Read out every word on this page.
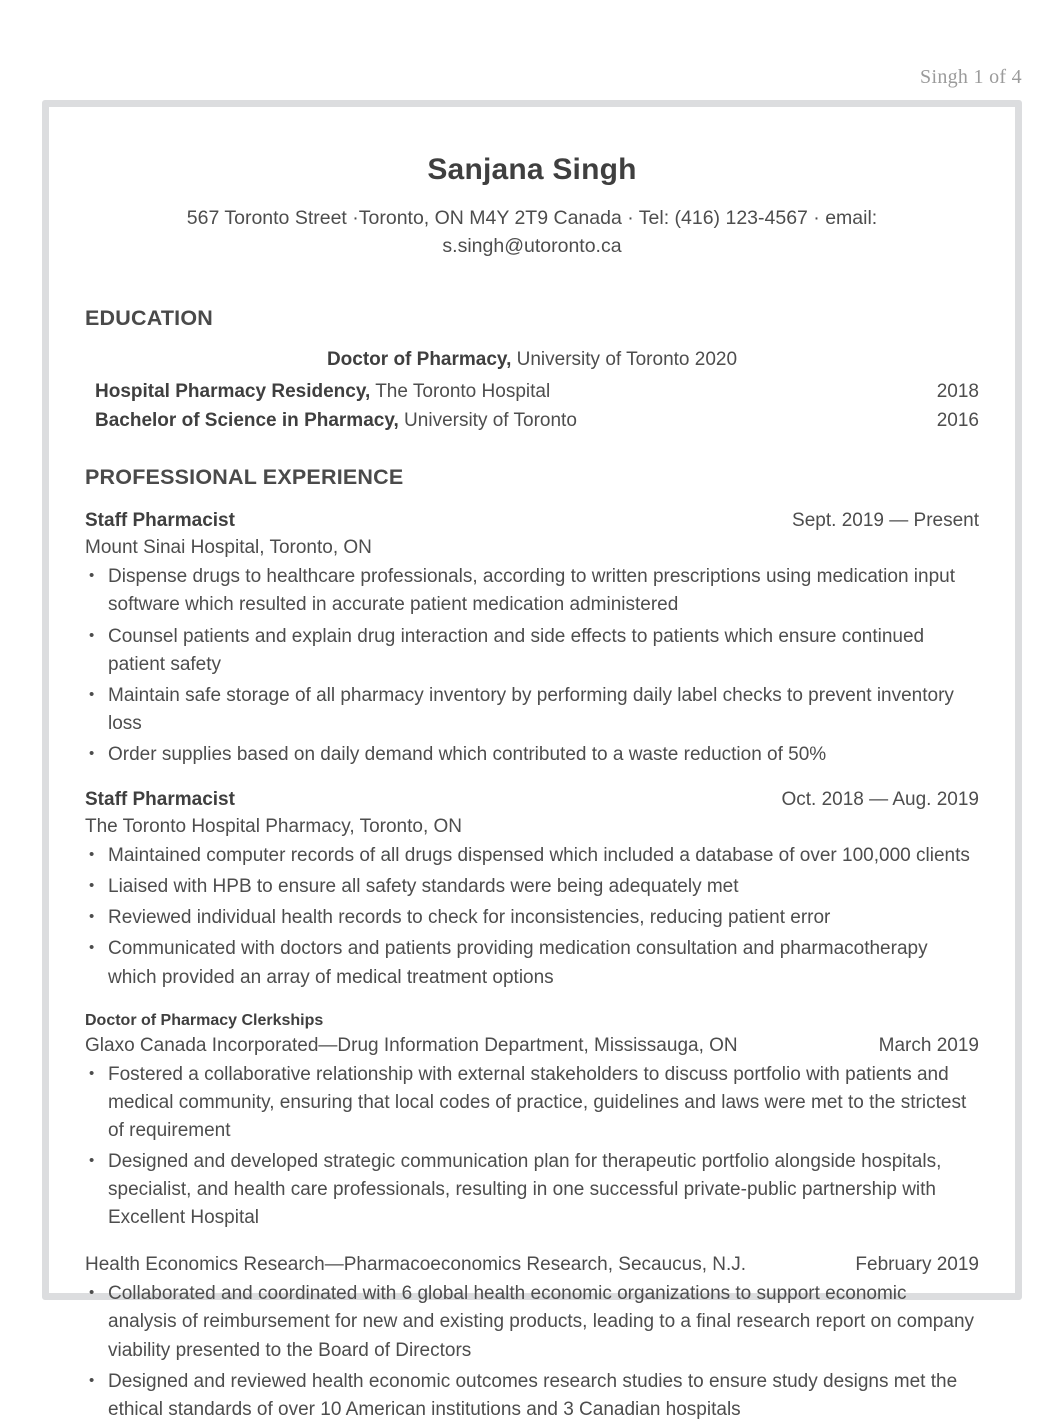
Singh 1 of 4
Sanjana Singh
567 Toronto Street ·Toronto, ON M4Y 2T9 Canada · Tel: (416) 123-4567 · email: s.singh@utoronto.ca
EDUCATION
Doctor of Pharmacy, University of Toronto 2020
Hospital Pharmacy Residency, The Toronto Hospital	2018
Bachelor of Science in Pharmacy, University of Toronto	2016
PROFESSIONAL EXPERIENCE
Staff Pharmacist	Sept. 2019 — Present
Mount Sinai Hospital, Toronto, ON
• Dispense drugs to healthcare professionals, according to written prescriptions using medication input software which resulted in accurate patient medication administered
• Counsel patients and explain drug interaction and side effects to patients which ensure continued patient safety
• Maintain safe storage of all pharmacy inventory by performing daily label checks to prevent inventory loss
• Order supplies based on daily demand which contributed to a waste reduction of 50%
Staff Pharmacist	Oct. 2018 — Aug. 2019
The Toronto Hospital Pharmacy, Toronto, ON
• Maintained computer records of all drugs dispensed which included a database of over 100,000 clients
• Liaised with HPB to ensure all safety standards were being adequately met
• Reviewed individual health records to check for inconsistencies, reducing patient error
• Communicated with doctors and patients providing medication consultation and pharmacotherapy which provided an array of medical treatment options
Doctor of Pharmacy Clerkships
Glaxo Canada Incorporated—Drug Information Department, Mississauga, ON	March 2019
• Fostered a collaborative relationship with external stakeholders to discuss portfolio with patients and medical community, ensuring that local codes of practice, guidelines and laws were met to the strictest of requirement
• Designed and developed strategic communication plan for therapeutic portfolio alongside hospitals, specialist, and health care professionals, resulting in one successful private-public partnership with Excellent Hospital
Health Economics Research—Pharmacoeconomics Research, Secaucus, N.J.	February 2019
• Collaborated and coordinated with 6 global health economic organizations to support economic analysis of reimbursement for new and existing products, leading to a final research report on company viability presented to the Board of Directors
• Designed and reviewed health economic outcomes research studies to ensure study designs met the ethical standards of over 10 American institutions and 3 Canadian hospitals
